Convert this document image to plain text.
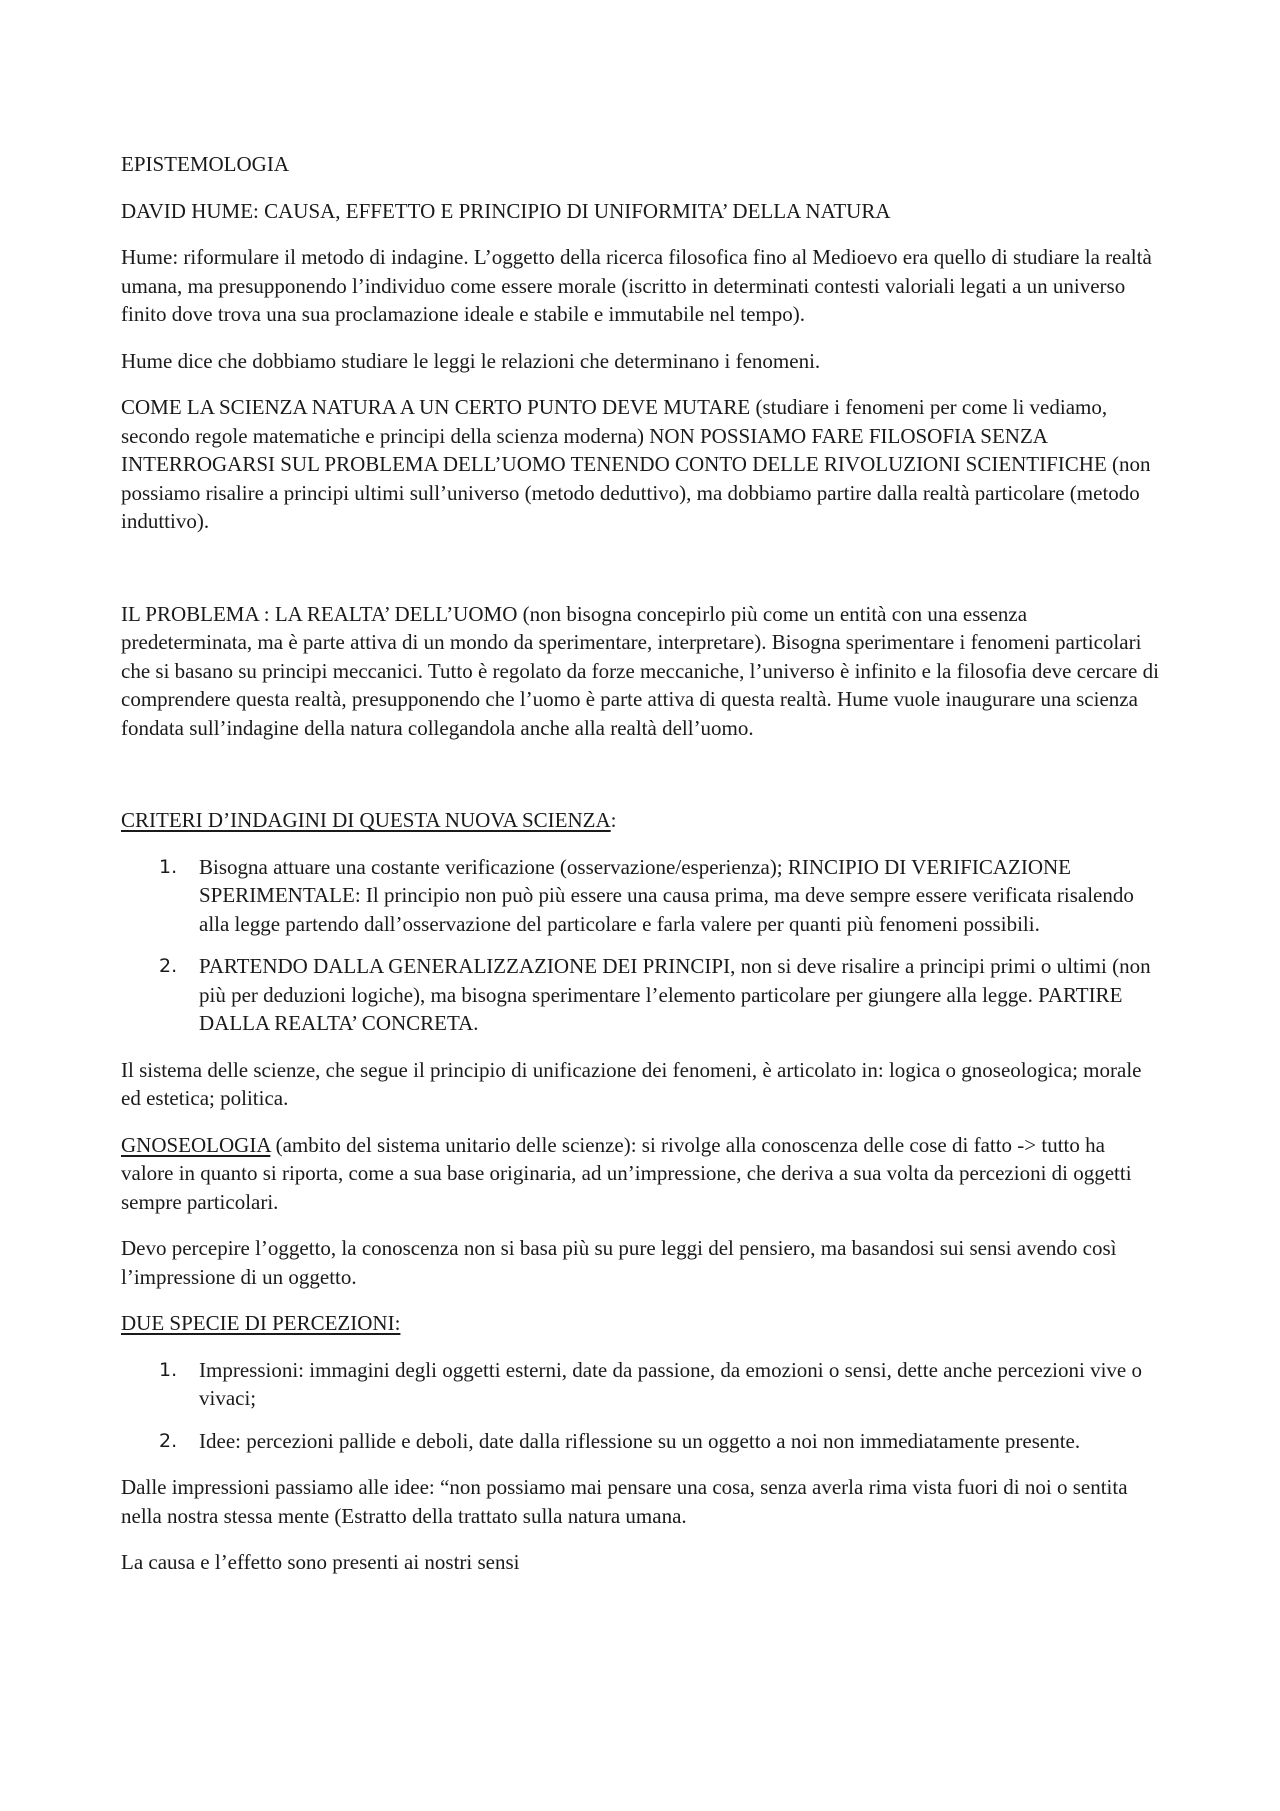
EPISTEMOLOGIA

DAVID HUME: CAUSA, EFFETTO E PRINCIPIO DI UNIFORMITA’ DELLA NATURA

Hume: riformulare il metodo di indagine. L’oggetto della ricerca filosofica fino al Medioevo era quello di studiare la realtà umana, ma presupponendo l’individuo come essere morale (iscritto in determinati contesti valoriali legati a un universo finito dove trova una sua proclamazione ideale e stabile e immutabile nel tempo).

Hume dice che dobbiamo studiare le leggi le relazioni che determinano i fenomeni.

COME LA SCIENZA NATURA A UN CERTO PUNTO DEVE MUTARE (studiare i fenomeni per come li vediamo, secondo regole matematiche e principi della scienza moderna) NON POSSIAMO FARE FILOSOFIA SENZA INTERROGARSI SUL PROBLEMA DELL’UOMO TENENDO CONTO DELLE RIVOLUZIONI SCIENTIFICHE (non possiamo risalire a principi ultimi sull’universo (metodo deduttivo), ma dobbiamo partire dalla realtà particolare (metodo induttivo).

IL PROBLEMA : LA REALTA’ DELL’UOMO (non bisogna concepirlo più come un entità con una essenza predeterminata, ma è parte attiva di un mondo da sperimentare, interpretare). Bisogna sperimentare i fenomeni particolari che si basano su principi meccanici. Tutto è regolato da forze meccaniche, l’universo è infinito e la filosofia deve cercare di comprendere questa realtà, presupponendo che l’uomo è parte attiva di questa realtà. Hume vuole inaugurare una scienza fondata sull’indagine della natura collegandola anche alla realtà dell’uomo.

CRITERI D’INDAGINI DI QUESTA NUOVA SCIENZA:

1. Bisogna attuare una costante verificazione (osservazione/esperienza); RINCIPIO DI VERIFICAZIONE SPERIMENTALE: Il principio non può più essere una causa prima, ma deve sempre essere verificata risalendo alla legge partendo dall’osservazione del particolare e farla valere per quanti più fenomeni possibili.
2. PARTENDO DALLA GENERALIZZAZIONE DEI PRINCIPI, non si deve risalire a principi primi o ultimi (non più per deduzioni logiche), ma bisogna sperimentare l’elemento particolare per giungere alla legge. PARTIRE DALLA REALTA’ CONCRETA.

Il sistema delle scienze, che segue il principio di unificazione dei fenomeni, è articolato in: logica o gnoseologica; morale ed estetica; politica.

GNOSEOLOGIA (ambito del sistema unitario delle scienze): si rivolge alla conoscenza delle cose di fatto -> tutto ha valore in quanto si riporta, come a sua base originaria, ad un’impressione, che deriva a sua volta da percezioni di oggetti sempre particolari.

Devo percepire l’oggetto, la conoscenza non si basa più su pure leggi del pensiero, ma basandosi sui sensi avendo così l’impressione di un oggetto.

DUE SPECIE DI PERCEZIONI:

1. Impressioni: immagini degli oggetti esterni, date da passione, da emozioni o sensi, dette anche percezioni vive o vivaci;
2. Idee: percezioni pallide e deboli, date dalla riflessione su un oggetto a noi non immediatamente presente.

Dalle impressioni passiamo alle idee: “non possiamo mai pensare una cosa, senza averla rima vista fuori di noi o sentita nella nostra stessa mente (Estratto della trattato sulla natura umana.

La causa e l’effetto sono presenti ai nostri sensi
